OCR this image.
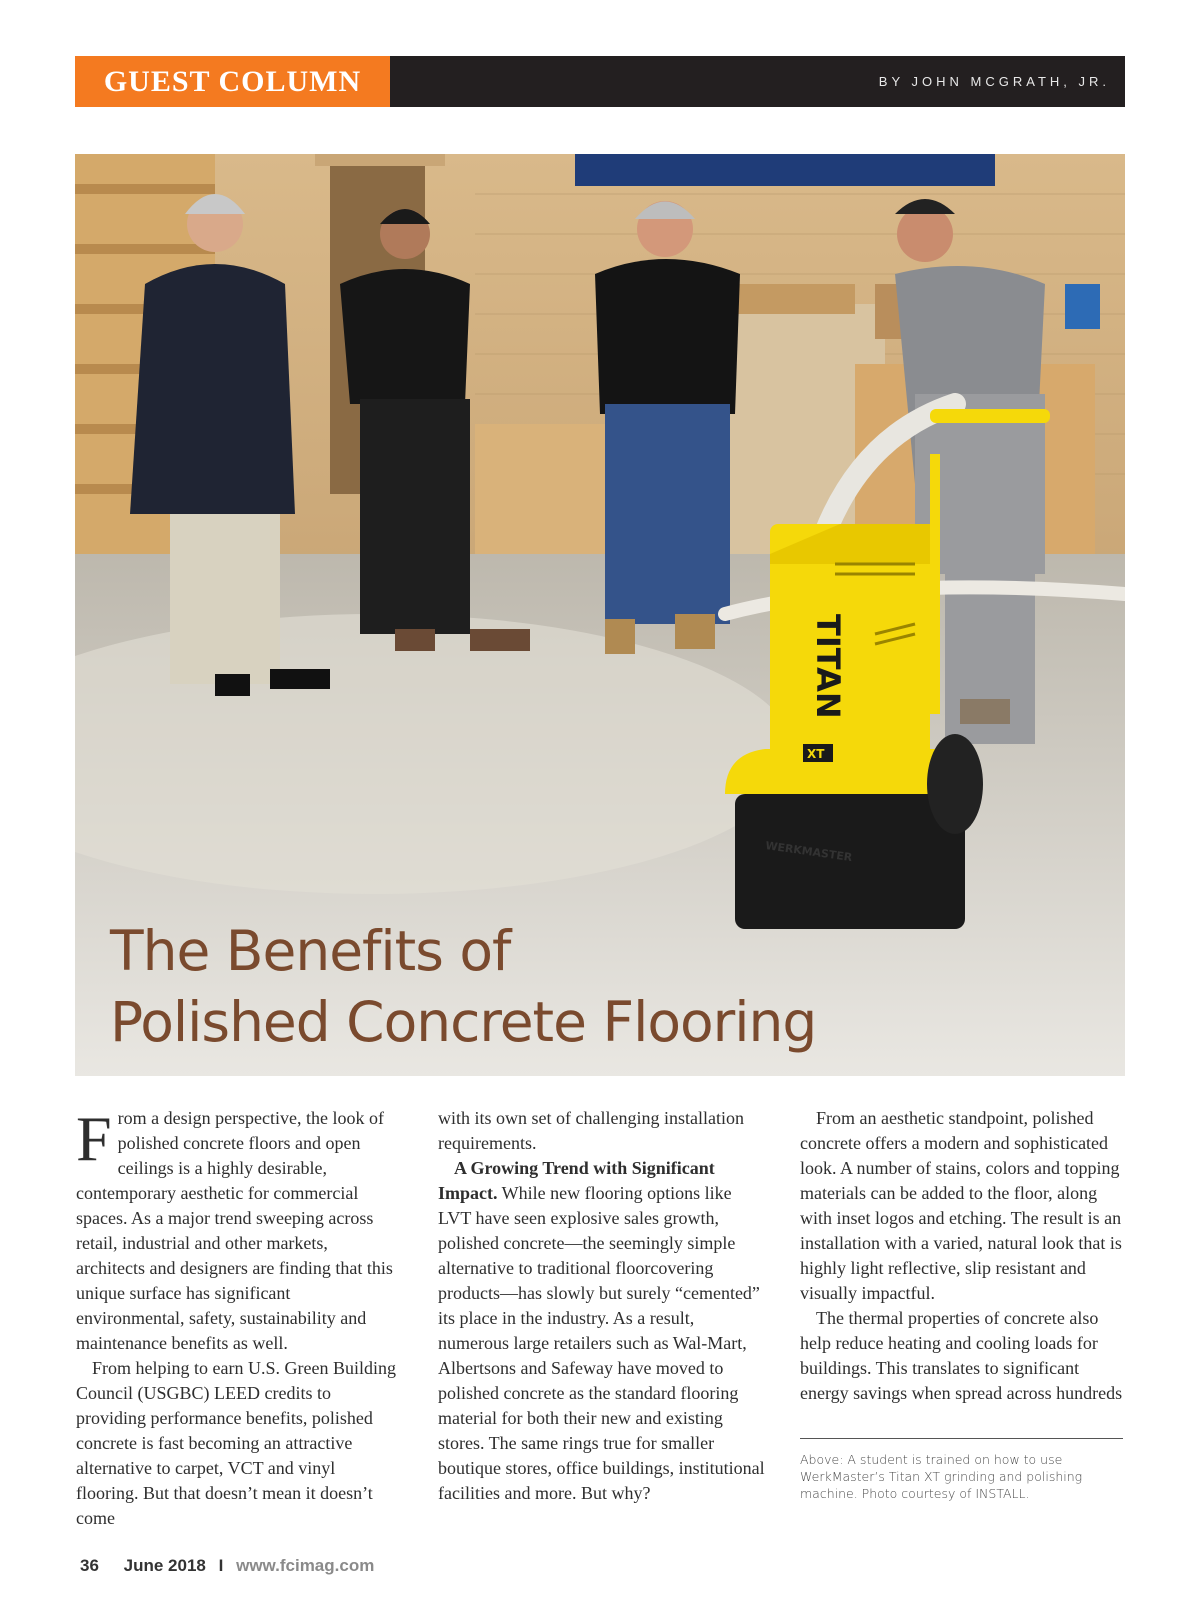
GUEST COLUMN	BY JOHN MCGRATH, JR.
TITAN
XT
WERKMASTER
The Benefits of
Polished Concrete Flooring

From a design perspective, the look of polished concrete floors and open ceilings is a highly desirable, contemporary aesthetic for commercial spaces. As a major trend sweeping across retail, industrial and other markets, architects and designers are finding that this unique surface has significant environmental, safety, sustainability and maintenance benefits as well.

From helping to earn U.S. Green Building Council (USGBC) LEED credits to providing performance benefits, polished concrete is fast becoming an attractive alternative to carpet, VCT and vinyl flooring. But that doesn’t mean it doesn’t come

with its own set of challenging installation requirements.

A Growing Trend with Significant Impact. While new flooring options like LVT have seen explosive sales growth, polished concrete—the seemingly simple alternative to traditional floorcovering products—has slowly but surely “cemented” its place in the industry. As a result, numerous large retailers such as Wal-Mart, Albertsons and Safeway have moved to polished concrete as the standard flooring material for both their new and existing stores. The same rings true for smaller boutique stores, office buildings, institutional facilities and more. But why?

From an aesthetic standpoint, polished concrete offers a modern and sophisticated look. A number of stains, colors and topping materials can be added to the floor, along with inset logos and etching. The result is an installation with a varied, natural look that is highly light reflective, slip resistant and visually impactful.

The thermal properties of concrete also help reduce heating and cooling loads for buildings. This translates to significant energy savings when spread across hundreds

Above: A student is trained on how to use WerkMaster’s Titan XT grinding and polishing machine. Photo courtesy of INSTALL.
36 June 2018 I www.fcimag.com
